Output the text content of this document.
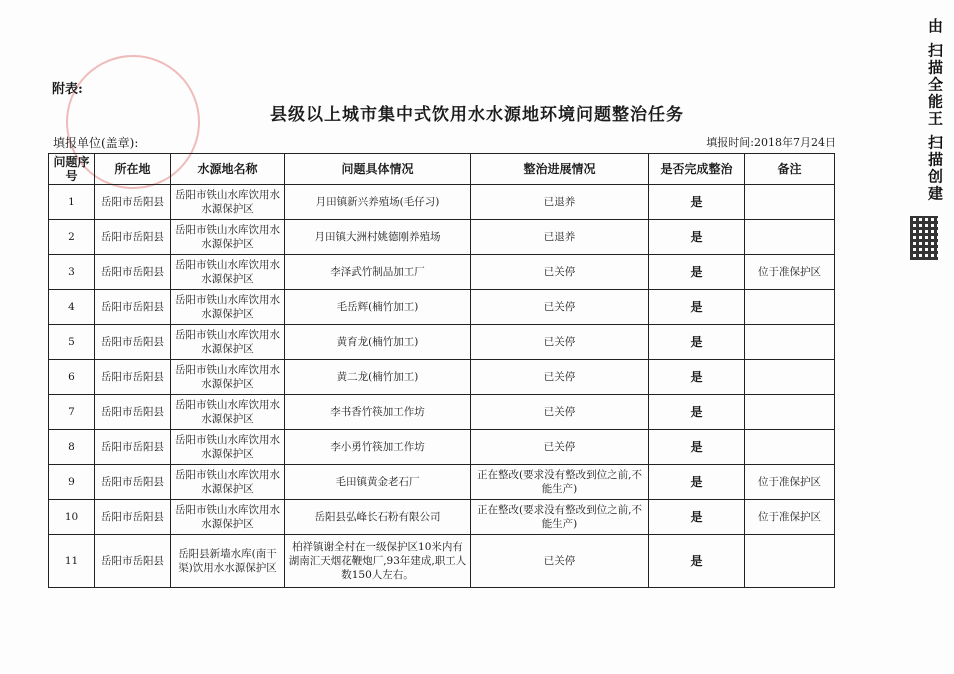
附表:
县级以上城市集中式饮用水水源地环境问题整治任务
填报单位(盖章):	填报时间:2018年7月24日
问题序号	所在地	水源地名称	问题具体情况	整治进展情况	是否完成整治	备注
1	岳阳市岳阳县	岳阳市铁山水库饮用水水源保护区	月田镇新兴养殖场(毛仔习)	已退养	是	
2	岳阳市岳阳县	岳阳市铁山水库饮用水水源保护区	月田镇大洲村姚德刚养殖场	已退养	是	
3	岳阳市岳阳县	岳阳市铁山水库饮用水水源保护区	李泽武竹制品加工厂	已关停	是	位于准保护区
4	岳阳市岳阳县	岳阳市铁山水库饮用水水源保护区	毛岳辉(楠竹加工)	已关停	是	
5	岳阳市岳阳县	岳阳市铁山水库饮用水水源保护区	黄育龙(楠竹加工)	已关停	是	
6	岳阳市岳阳县	岳阳市铁山水库饮用水水源保护区	黄二龙(楠竹加工)	已关停	是	
7	岳阳市岳阳县	岳阳市铁山水库饮用水水源保护区	李书香竹筷加工作坊	已关停	是	
8	岳阳市岳阳县	岳阳市铁山水库饮用水水源保护区	李小勇竹筷加工作坊	已关停	是	
9	岳阳市岳阳县	岳阳市铁山水库饮用水水源保护区	毛田镇黄金老石厂	正在整改(要求没有整改到位之前,不能生产)	是	位于准保护区
10	岳阳市岳阳县	岳阳市铁山水库饮用水水源保护区	岳阳县弘峰长石粉有限公司	正在整改(要求没有整改到位之前,不能生产)	是	位于准保护区
11	岳阳市岳阳县	岳阳县新墙水库(南干渠)饮用水水源保护区	柏祥镇谢全村在一级保护区10米内有湖南汇天烟花鞭炮厂,93年建成,职工人数150人左右。	已关停	是	
由 扫描全能王 扫描创建
